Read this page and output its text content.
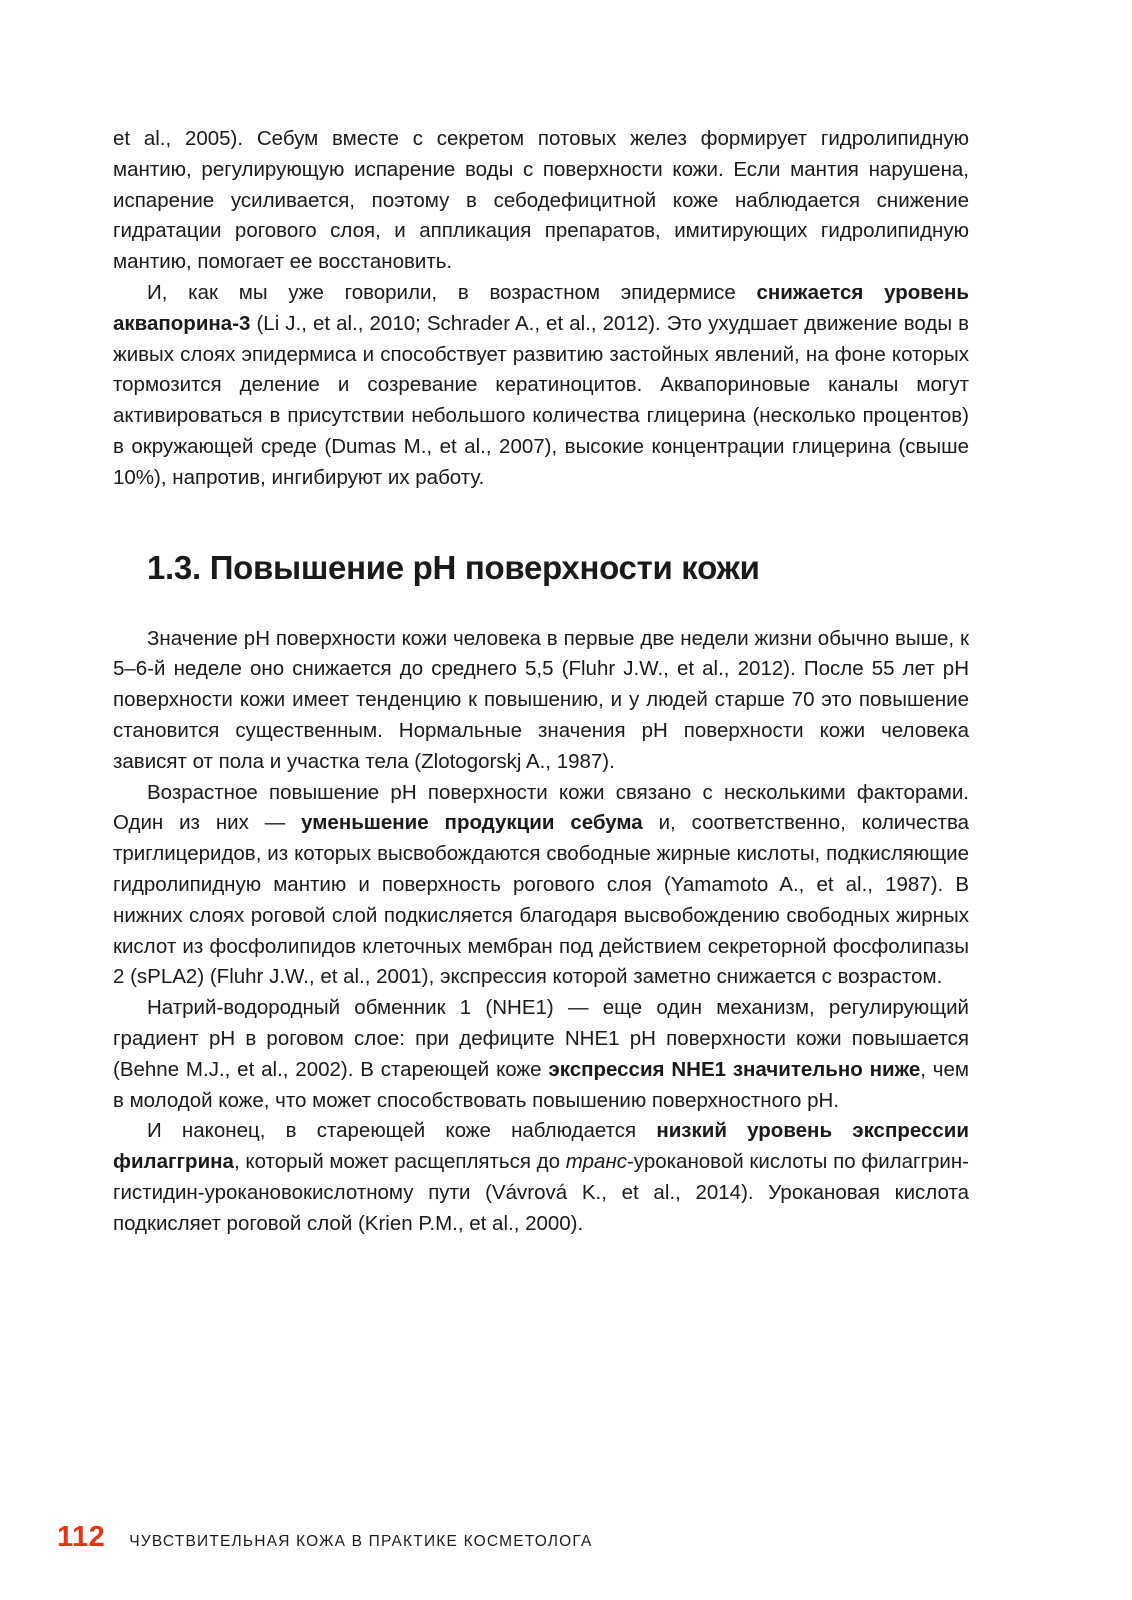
et al., 2005). Себум вместе с секретом потовых желез формирует гидролипидную мантию, регулирующую испарение воды с поверхности кожи. Если мантия нарушена, испарение усиливается, поэтому в себодефицитной коже наблюдается снижение гидратации рогового слоя, и аппликация препаратов, имитирующих гидролипидную мантию, помогает ее восстановить.

И, как мы уже говорили, в возрастном эпидермисе снижается уровень аквапорина-3 (Li J., et al., 2010; Schrader A., et al., 2012). Это ухудшает движение воды в живых слоях эпидермиса и способствует развитию застойных явлений, на фоне которых тормозится деление и созревание кератиноцитов. Аквапориновые каналы могут активироваться в присутствии небольшого количества глицерина (несколько процентов) в окружающей среде (Dumas M., et al., 2007), высокие концентрации глицерина (свыше 10%), напротив, ингибируют их работу.

1.3. Повышение pH поверхности кожи

Значение pH поверхности кожи человека в первые две недели жизни обычно выше, к 5–6-й неделе оно снижается до среднего 5,5 (Fluhr J.W., et al., 2012). После 55 лет pH поверхности кожи имеет тенденцию к повышению, и у людей старше 70 это повышение становится существенным. Нормальные значения pH поверхности кожи человека зависят от пола и участка тела (Zlotogorskj A., 1987).

Возрастное повышение pH поверхности кожи связано с несколькими факторами. Один из них — уменьшение продукции себума и, соответственно, количества триглицеридов, из которых высвобождаются свободные жирные кислоты, подкисляющие гидролипидную мантию и поверхность рогового слоя (Yamamoto A., et al., 1987). В нижних слоях роговой слой подкисляется благодаря высвобождению свободных жирных кислот из фосфолипидов клеточных мембран под действием секреторной фосфолипазы 2 (sPLA2) (Fluhr J.W., et al., 2001), экспрессия которой заметно снижается с возрастом.

Натрий-водородный обменник 1 (NHE1) — еще один механизм, регулирующий градиент pH в роговом слое: при дефиците NHE1 pH поверхности кожи повышается (Behne M.J., et al., 2002). В стареющей коже экспрессия NHE1 значительно ниже, чем в молодой коже, что может способствовать повышению поверхностного pH.

И наконец, в стареющей коже наблюдается низкий уровень экспрессии филаггрина, который может расщепляться до транс-урокановой кислоты по филаггрин-гистидин-урокановокислотному пути (Vávrová K., et al., 2014). Урокановая кислота подкисляет роговой слой (Krien P.M., et al., 2000).

112 ЧУВСТВИТЕЛЬНАЯ КОЖА В ПРАКТИКЕ КОСМЕТОЛОГА
